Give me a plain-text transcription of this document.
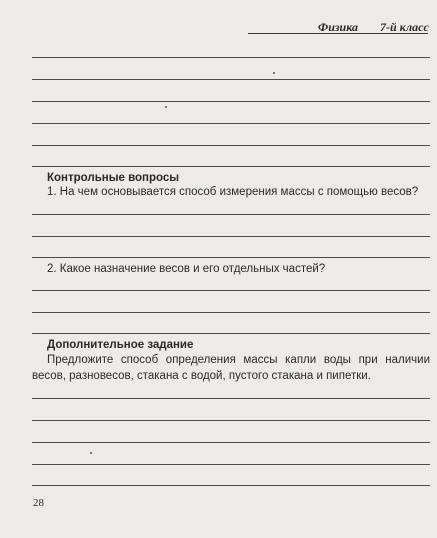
Физика 7-й класс
Контрольные вопросы
1. На чем основывается способ измерения массы с помощью весов?
2. Какое назначение весов и его отдельных частей?
Дополнительное задание
Предложите способ определения массы капли воды при наличии весов, разновесов, стакана с водой, пустого стакана и пипетки.
28
